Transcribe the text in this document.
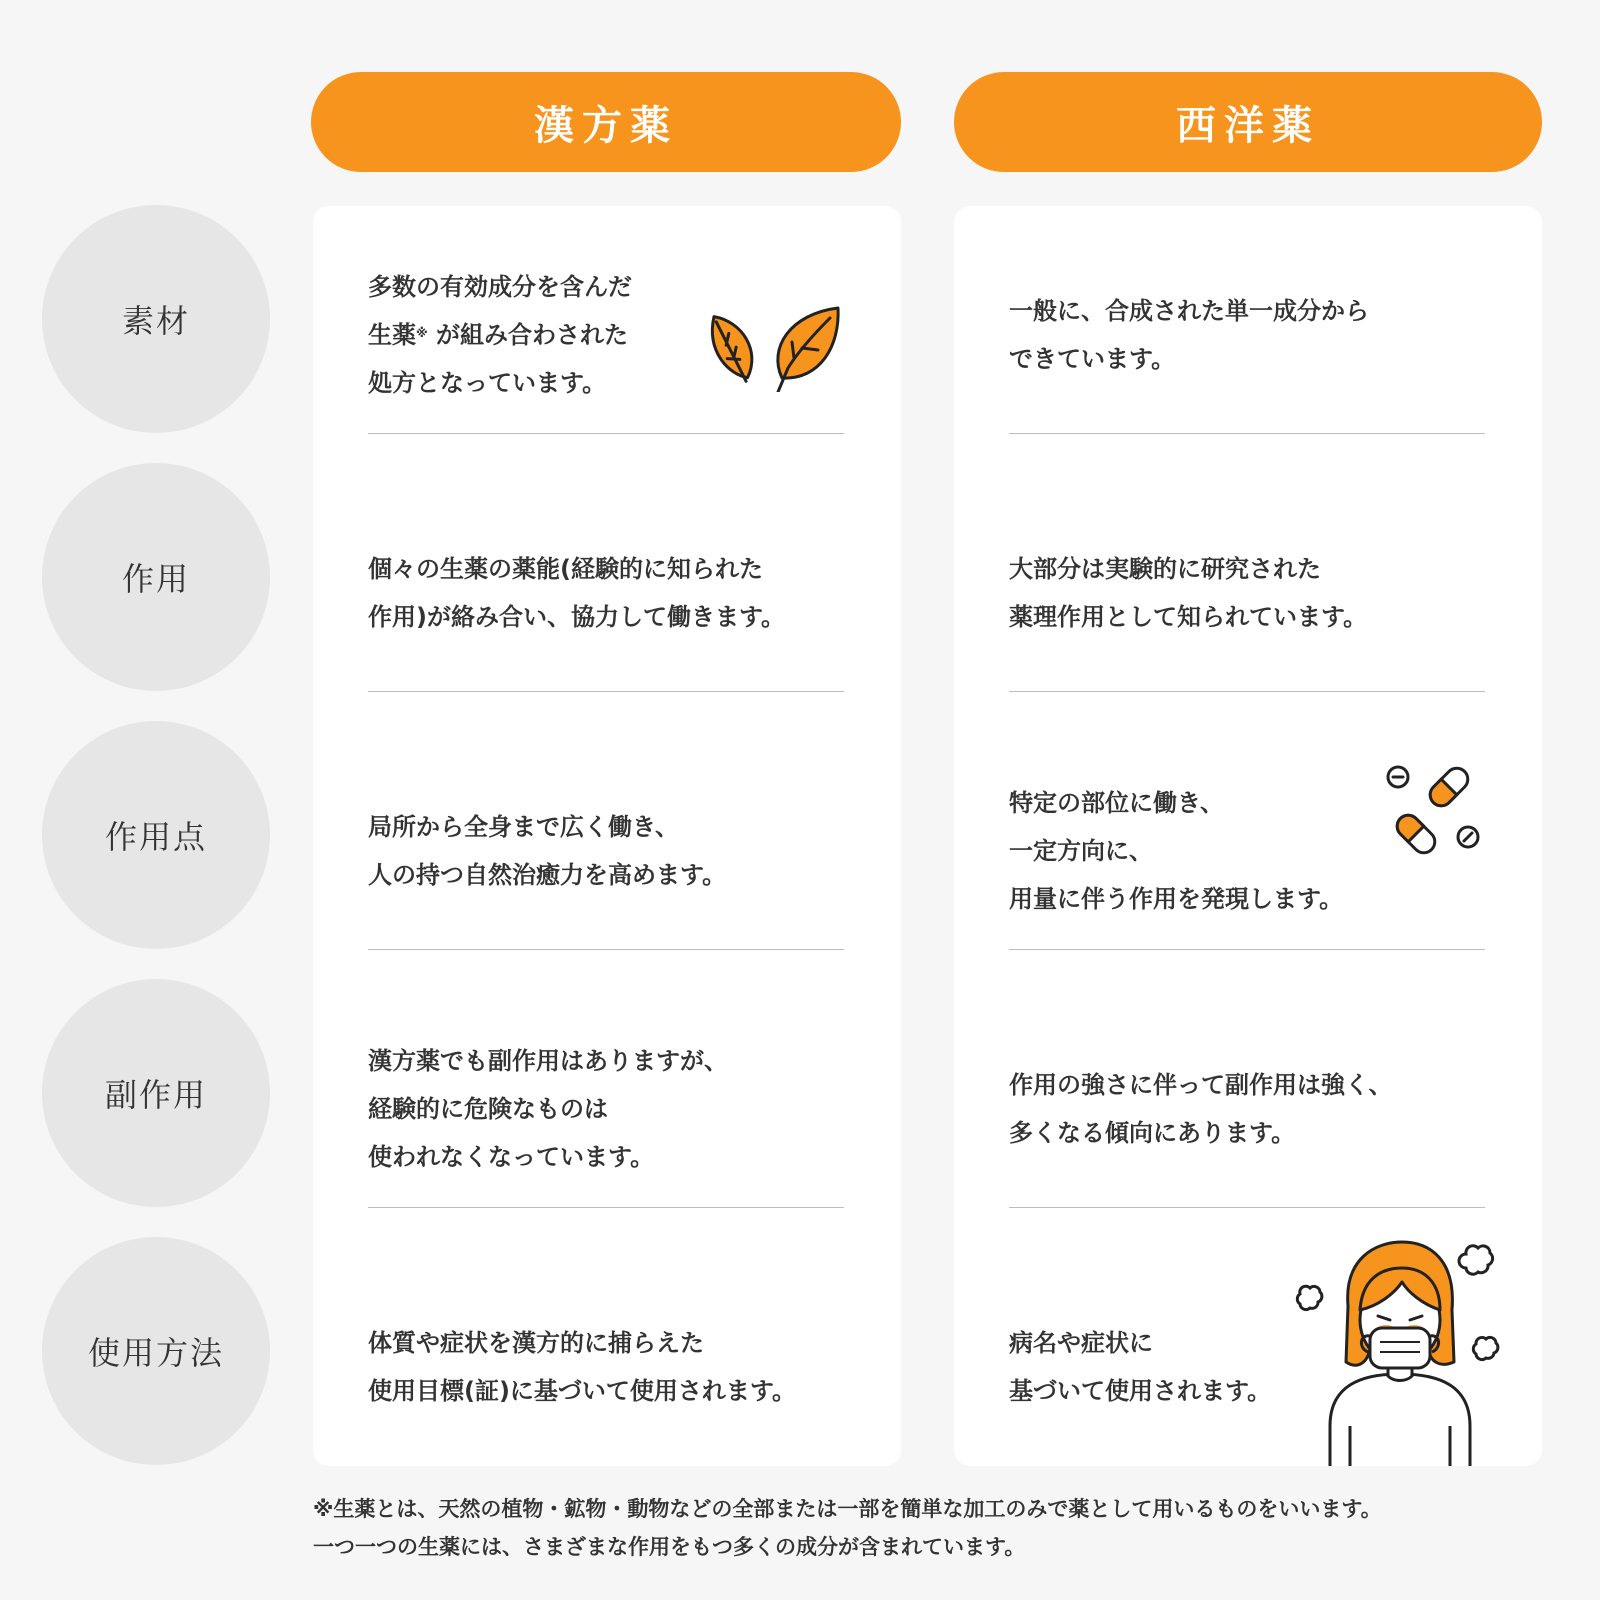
漢方薬	西洋薬
素材
作用
作用点
副作用
使用方法
多数の有効成分を含んだ
生薬※ が組み合わされた
処方となっています。
個々の生薬の薬能(経験的に知られた
作用)が絡み合い、協力して働きます。
局所から全身まで広く働き、
人の持つ自然治癒力を高めます。
漢方薬でも副作用はありますが、
経験的に危険なものは
使われなくなっています。
体質や症状を漢方的に捕らえた
使用目標(証)に基づいて使用されます。
一般に、合成された単一成分から
できています。
大部分は実験的に研究された
薬理作用として知られています。
特定の部位に働き、
一定方向に、
用量に伴う作用を発現します。
作用の強さに伴って副作用は強く、
多くなる傾向にあります。
病名や症状に
基づいて使用されます。
※生薬とは、天然の植物・鉱物・動物などの全部または一部を簡単な加工のみで薬として用いるものをいいます。
一つ一つの生薬には、さまざまな作用をもつ多くの成分が含まれています。
